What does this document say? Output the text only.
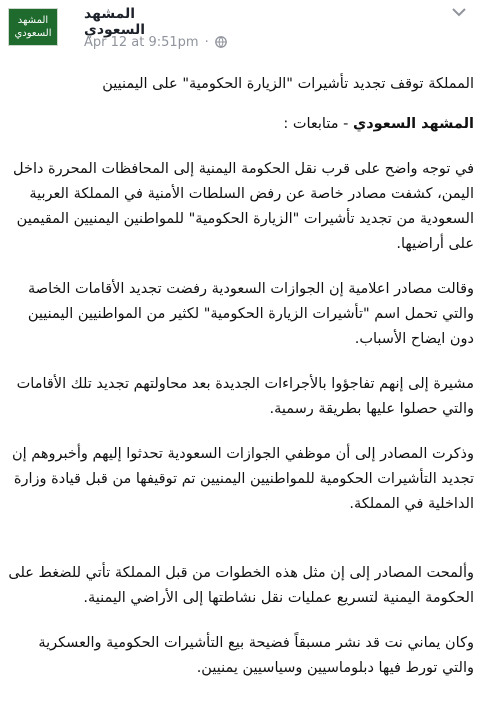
المشهد
السعودي
المشهد السعودي
Apr 12 at 9:51pm ·

المملكة توقف تجديد تأشيرات "الزيارة الحكومية" على اليمنيين

المشهد السعودي - متابعات :

في توجه واضح على قرب نقل الحكومة اليمنية إلى المحافظات المحررة داخل اليمن، كشفت مصادر خاصة عن رفض السلطات الأمنية في المملكة العربية السعودية من تجديد تأشيرات "الزيارة الحكومية" للمواطنين اليمنيين المقيمين على أراضيها.

وقالت مصادر اعلامية إن الجوازات السعودية رفضت تجديد الأقامات الخاصة والتي تحمل اسم "تأشيرات الزيارة الحكومية" لكثير من المواطنيين اليمنيين دون ايضاح الأسباب.

مشيرة إلى إنهم تفاجؤوا بالأجراءات الجديدة بعد محاولتهم تجديد تلك الأقامات والتي حصلوا عليها بطريقة رسمية.

وذكرت المصادر إلى أن موظفي الجوازات السعودية تحدثوا إليهم وأخبروهم إن تجديد التأشيرات الحكومية للمواطنيين اليمنيين تم توقيفها من قبل قيادة وزارة الداخلية في المملكة.

وألمحت المصادر إلى إن مثل هذه الخطوات من قبل المملكة تأتي للضغط على الحكومة اليمنية لتسريع عمليات نقل نشاطتها إلى الأراضي اليمنية.

وكان يماني نت قد نشر مسبقاً فضيحة بيع التأشيرات الحكومية والعسكرية والتي تورط فيها دبلوماسيين وسياسيين يمنيين.
